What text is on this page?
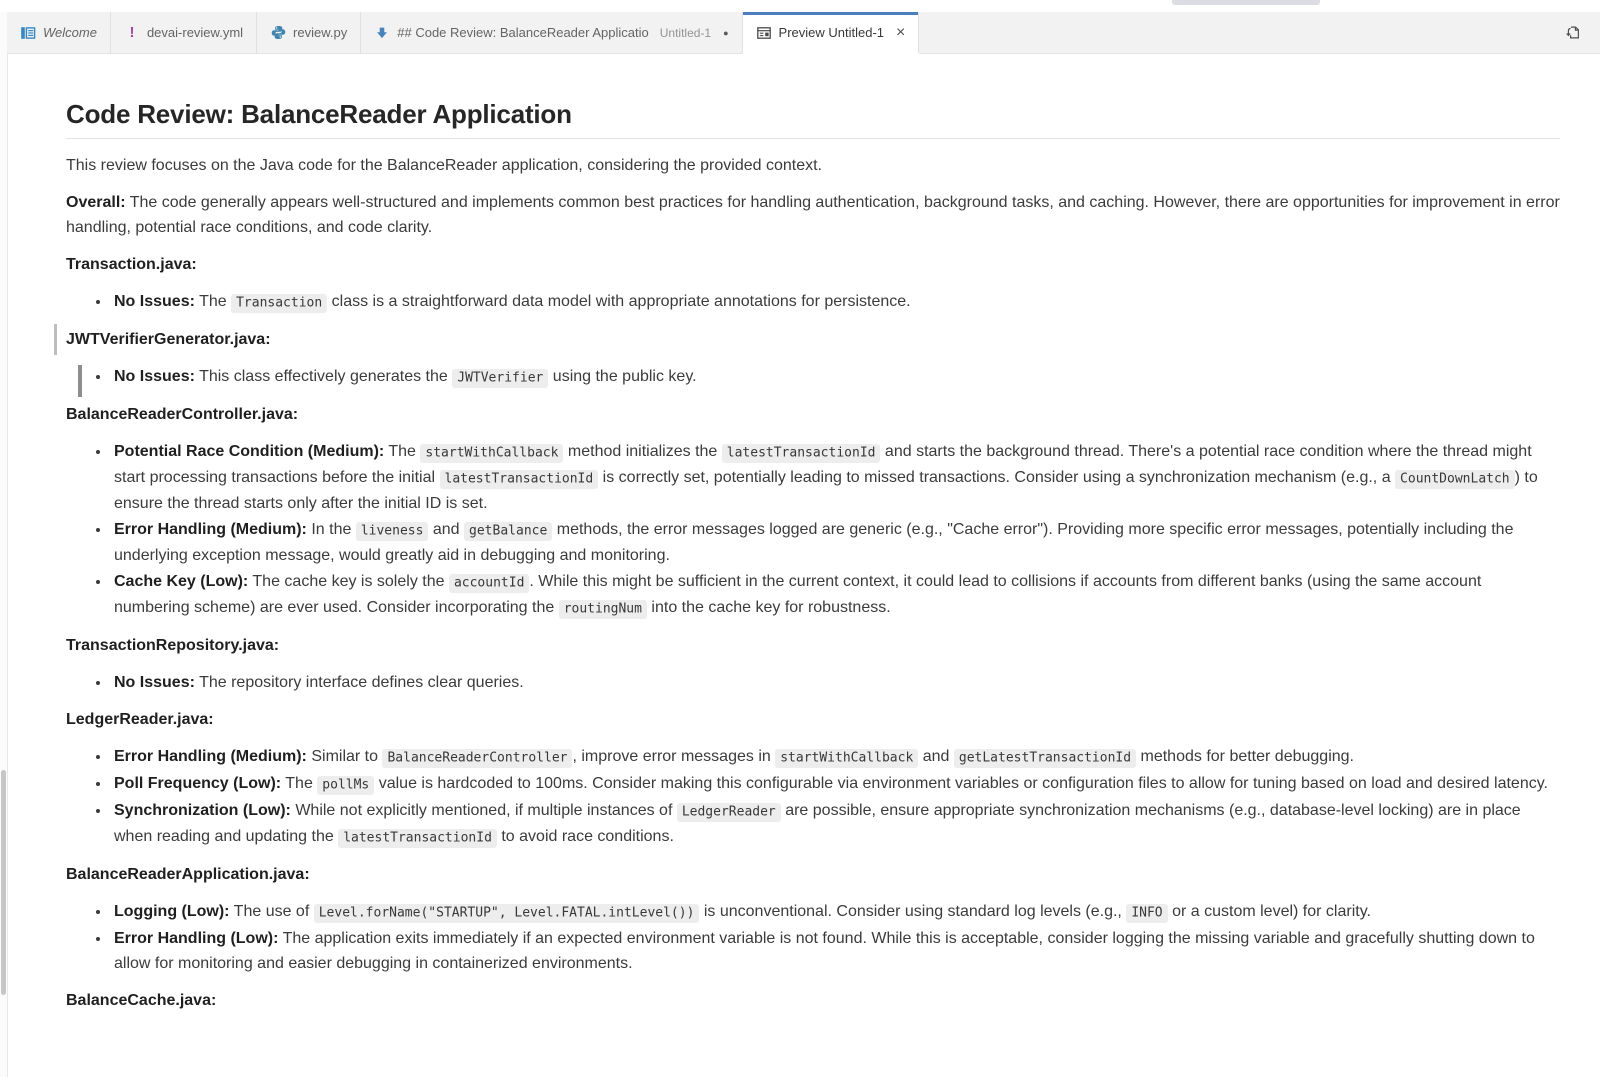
Welcome ! devai-review.yml	review.py	## Code Review: BalanceReader Applicatio Untitled-1 ●	Preview Untitled-1 ×
Code Review: BalanceReader Application

This review focuses on the Java code for the BalanceReader application, considering the provided context.

Overall: The code generally appears well-structured and implements common best practices for handling authentication, background tasks, and caching. However, there are opportunities for improvement in error handling, potential race conditions, and code clarity.

Transaction.java:

• No Issues: The Transaction class is a straightforward data model with appropriate annotations for persistence.

JWTVerifierGenerator.java:

• No Issues: This class effectively generates the JWTVerifier using the public key.

BalanceReaderController.java:

• Potential Race Condition (Medium): The startWithCallback method initializes the latestTransactionId and starts the background thread. There's a potential race condition where the thread might start processing transactions before the initial latestTransactionId is correctly set, potentially leading to missed transactions. Consider using a synchronization mechanism (e.g., a CountDownLatch ) to ensure the thread starts only after the initial ID is set.
• Error Handling (Medium): In the liveness and getBalance methods, the error messages logged are generic (e.g., "Cache error"). Providing more specific error messages, potentially including the underlying exception message, would greatly aid in debugging and monitoring.
• Cache Key (Low): The cache key is solely the accountId . While this might be sufficient in the current context, it could lead to collisions if accounts from different banks (using the same account numbering scheme) are ever used. Consider incorporating the routingNum into the cache key for robustness.

TransactionRepository.java:

• No Issues: The repository interface defines clear queries.

LedgerReader.java:

• Error Handling (Medium): Similar to BalanceReaderController , improve error messages in startWithCallback and getLatestTransactionId methods for better debugging.
• Poll Frequency (Low): The pollMs value is hardcoded to 100ms. Consider making this configurable via environment variables or configuration files to allow for tuning based on load and desired latency.
• Synchronization (Low): While not explicitly mentioned, if multiple instances of LedgerReader are possible, ensure appropriate synchronization mechanisms (e.g., database-level locking) are in place when reading and updating the latestTransactionId to avoid race conditions.

BalanceReaderApplication.java:

• Logging (Low): The use of Level.forName("STARTUP", Level.FATAL.intLevel()) is unconventional. Consider using standard log levels (e.g., INFO or a custom level) for clarity.
• Error Handling (Low): The application exits immediately if an expected environment variable is not found. While this is acceptable, consider logging the missing variable and gracefully shutting down to allow for monitoring and easier debugging in containerized environments.

BalanceCache.java:
